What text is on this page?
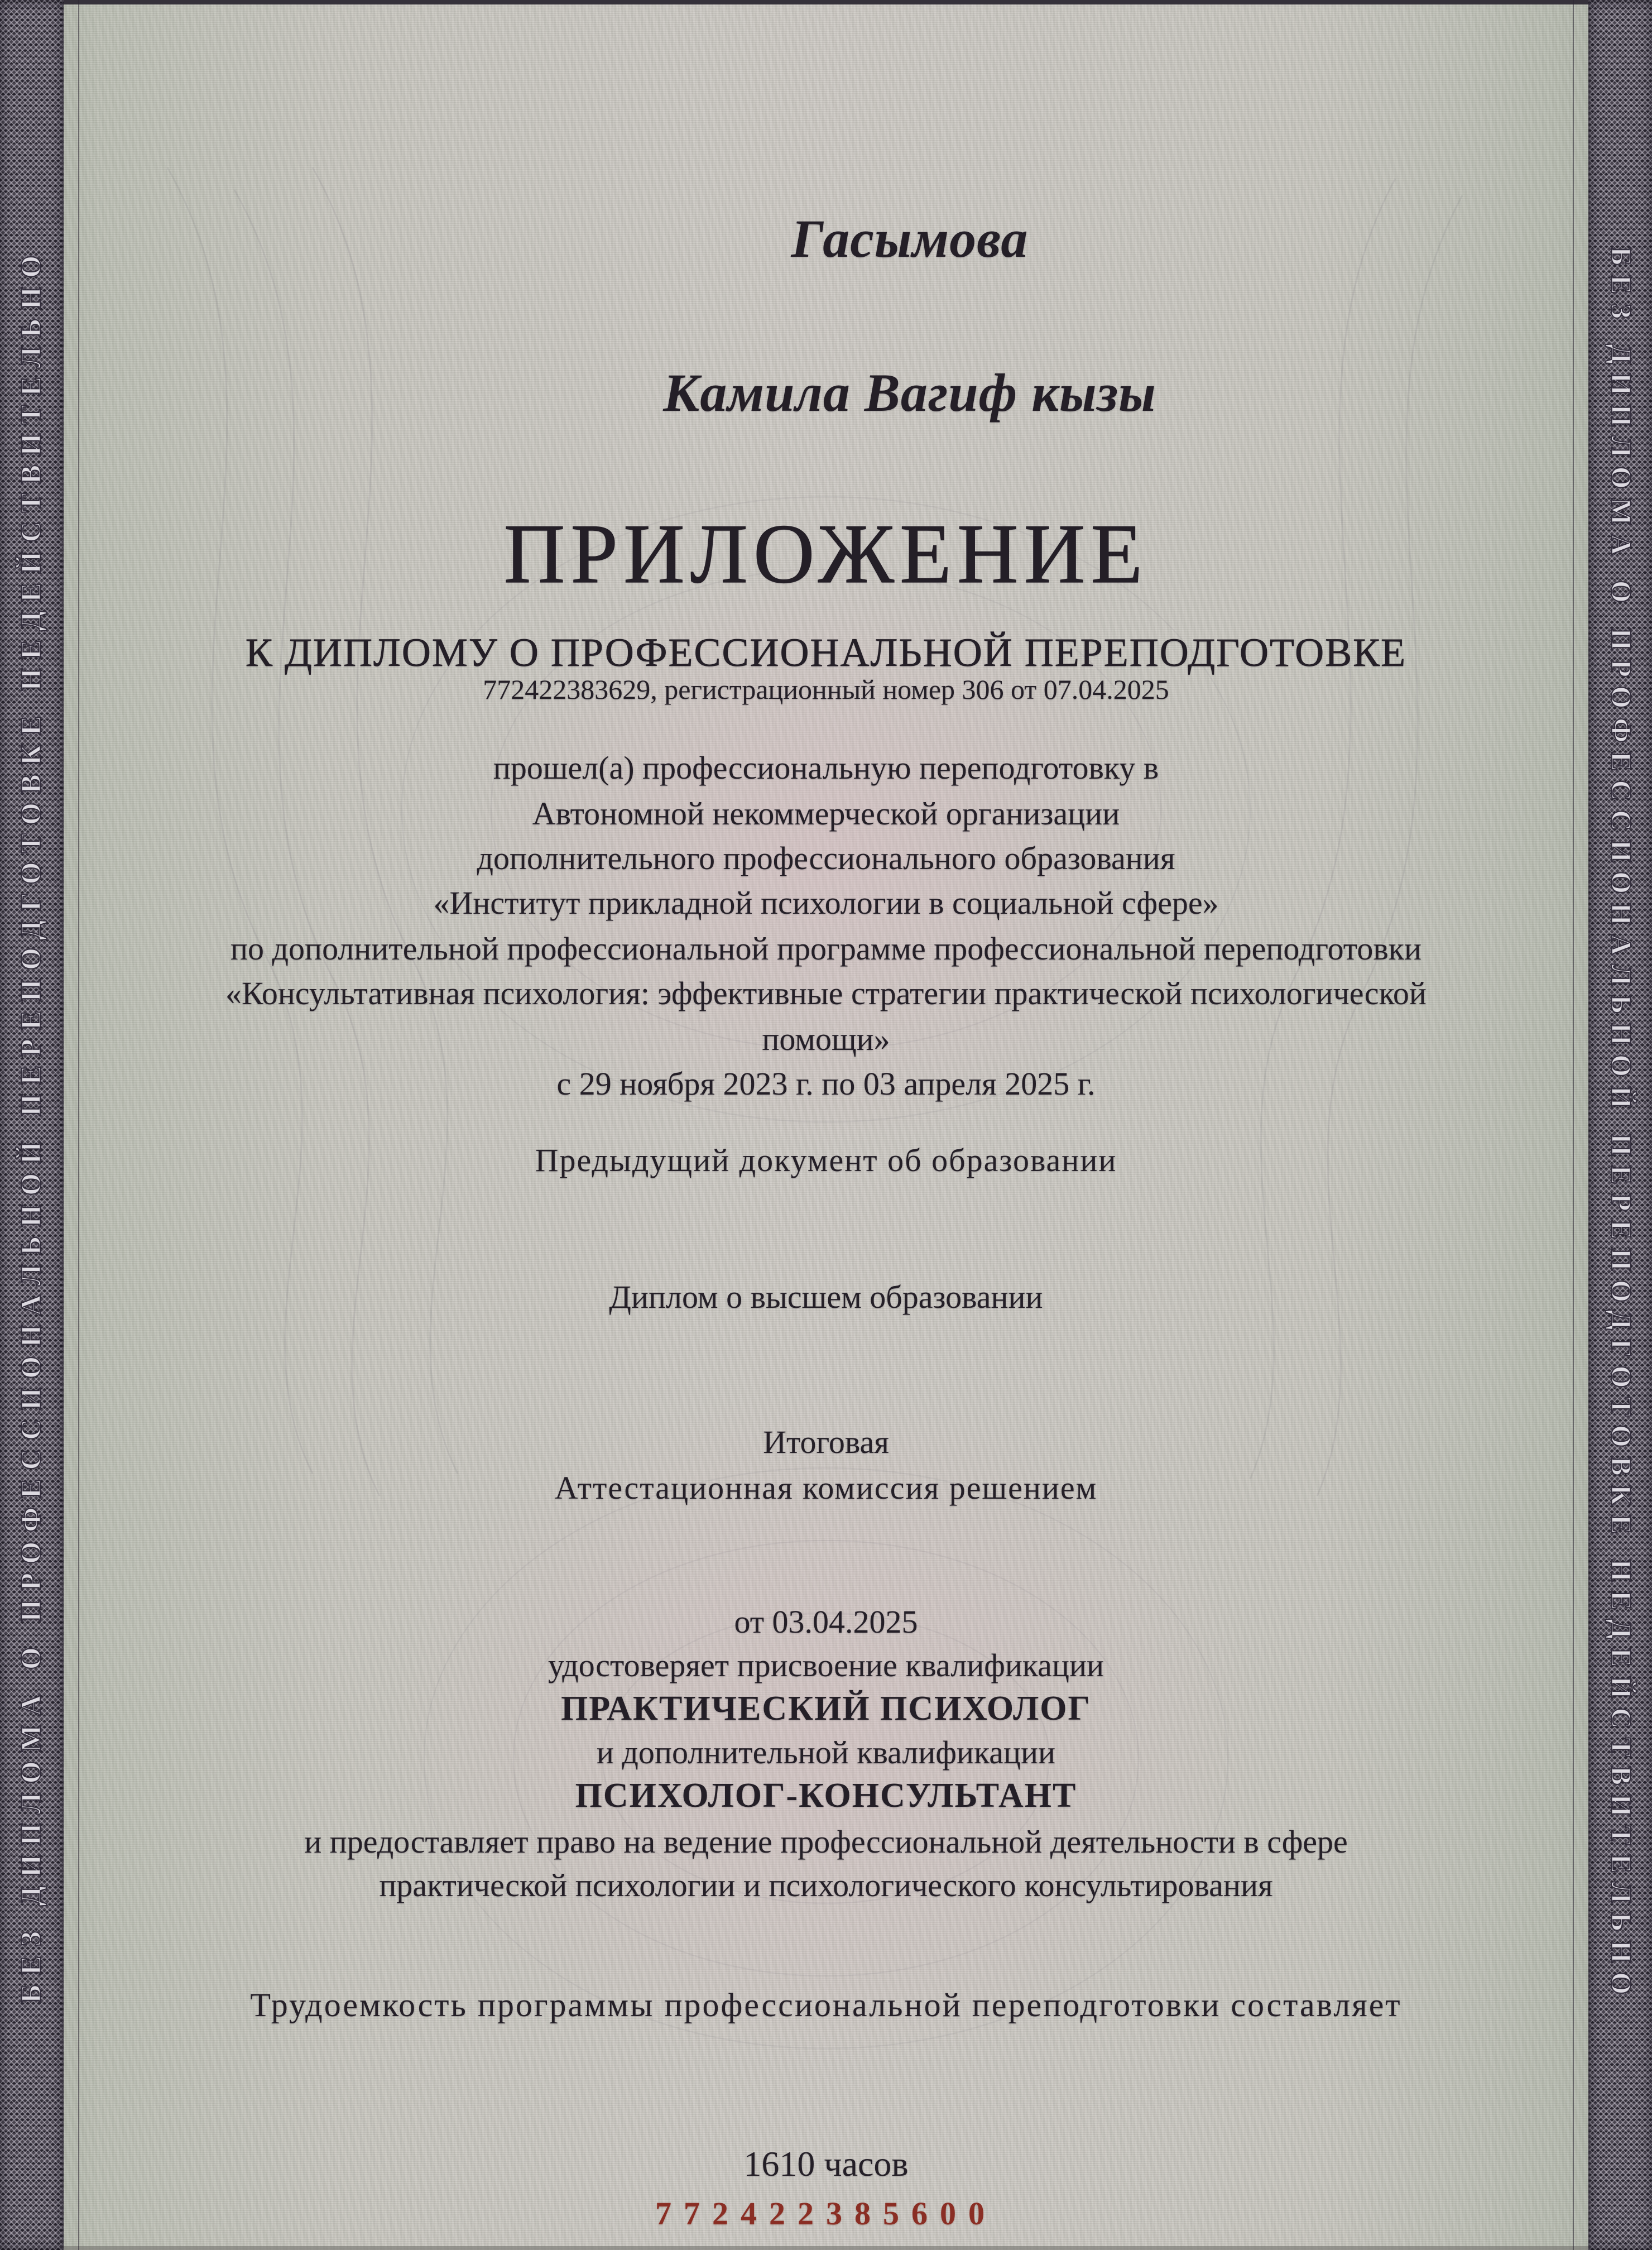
БЕЗ ДИПЛОМА О ПРОФЕССИОНАЛЬНОЙ ПЕРЕПОДГОТОВКЕ НЕДЕЙСТВИТЕЛЬНО	БЕЗ ДИПЛОМА О ПРОФЕССИОНАЛЬНОЙ ПЕРЕПОДГОТОВКЕ НЕДЕЙСТВИТЕЛЬНО
Гасымова
Камила Вагиф кызы
ПРИЛОЖЕНИЕ
К ДИПЛОМУ О ПРОФЕССИОНАЛЬНОЙ ПЕРЕПОДГОТОВКЕ
772422383629, регистрационный номер 306 от 07.04.2025
прошел(а) профессиональную переподготовку в
Автономной некоммерческой организации
дополнительного профессионального образования
«Институт прикладной психологии в социальной сфере»
по дополнительной профессиональной программе профессиональной переподготовки
«Консультативная психология: эффективные стратегии практической психологической
помощи»
с 29 ноября 2023 г. по 03 апреля 2025 г.
Предыдущий документ об образовании
Диплом о высшем образовании
Итоговая
Аттестационная комиссия решением
от 03.04.2025
удостоверяет присвоение квалификации
ПРАКТИЧЕСКИЙ ПСИХОЛОГ
и дополнительной квалификации
ПСИХОЛОГ-КОНСУЛЬТАНТ
и предоставляет право на ведение профессиональной деятельности в сфере
практической психологии и психологического консультирования
Трудоемкость программы профессиональной переподготовки составляет
1610 часов
772422385600
